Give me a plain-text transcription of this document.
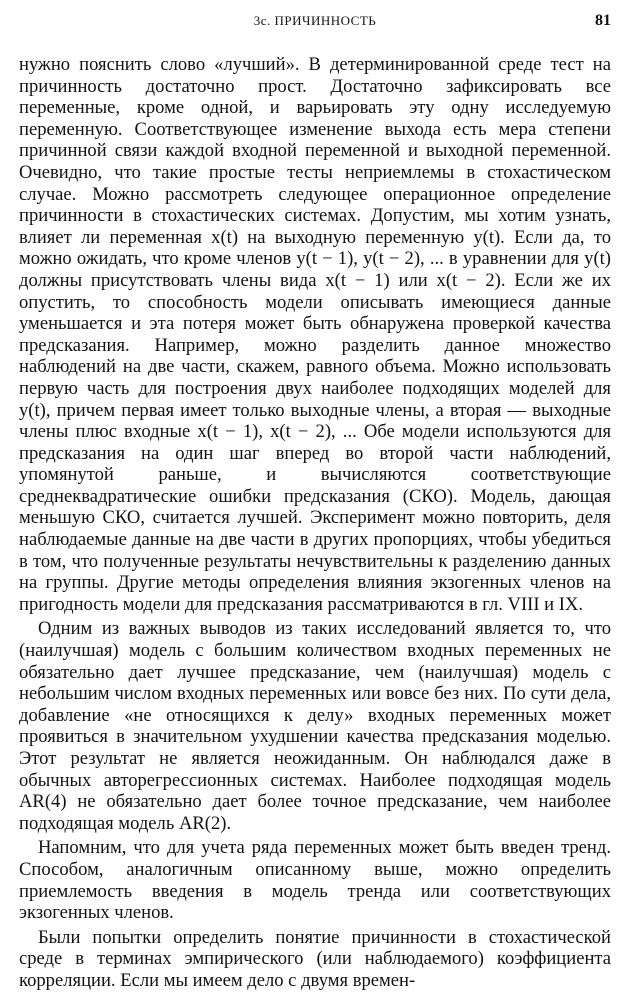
3с. ПРИЧИННОСТЬ	81

нужно пояснить слово «лучший». В детерминированной среде тест на причинность достаточно прост. Достаточно зафиксировать все переменные, кроме одной, и варьировать эту одну исследуемую переменную. Соответствующее изменение выхода есть мера степени причинной связи каждой входной переменной и выходной переменной. Очевидно, что такие простые тесты неприемлемы в стохастическом случае. Можно рассмотреть следующее операционное определение причинности в стохастических системах. Допустим, мы хотим узнать, влияет ли переменная x(t) на выходную переменную y(t). Если да, то можно ожидать, что кроме членов y(t − 1), y(t − 2), ... в уравнении для y(t) должны присутствовать члены вида x(t − 1) или x(t − 2). Если же их опустить, то способность модели описывать имеющиеся данные уменьшается и эта потеря может быть обнаружена проверкой качества предсказания. Например, можно разделить данное множество наблюдений на две части, скажем, равного объема. Можно использовать первую часть для построения двух наиболее подходящих моделей для y(t), причем первая имеет только выходные члены, а вторая — выходные члены плюс входные x(t − 1), x(t − 2), ... Обе модели используются для предсказания на один шаг вперед во второй части наблюдений, упомянутой раньше, и вычисляются соответствующие среднеквадратические ошибки предсказания (СКО). Модель, дающая меньшую СКО, считается лучшей. Эксперимент можно повторить, деля наблюдаемые данные на две части в других пропорциях, чтобы убедиться в том, что полученные результаты нечувствительны к разделению данных на группы. Другие методы определения влияния экзогенных членов на пригодность модели для предсказания рассматриваются в гл. VIII и IX.

Одним из важных выводов из таких исследований является то, что (наилучшая) модель с большим количеством входных переменных не обязательно дает лучшее предсказание, чем (наилучшая) модель с небольшим числом входных переменных или вовсе без них. По сути дела, добавление «не относящихся к делу» входных переменных может проявиться в значительном ухудшении качества предсказания моделью. Этот результат не является неожиданным. Он наблюдался даже в обычных авторегрессионных системах. Наиболее подходящая модель AR(4) не обязательно дает более точное предсказание, чем наиболее подходящая модель AR(2).

Напомним, что для учета ряда переменных может быть введен тренд. Способом, аналогичным описанному выше, можно определить приемлемость введения в модель тренда или соответствующих экзогенных членов.

Были попытки определить понятие причинности в стохастической среде в терминах эмпирического (или наблюдаемого) коэффициента корреляции. Если мы имеем дело с двумя времен-
